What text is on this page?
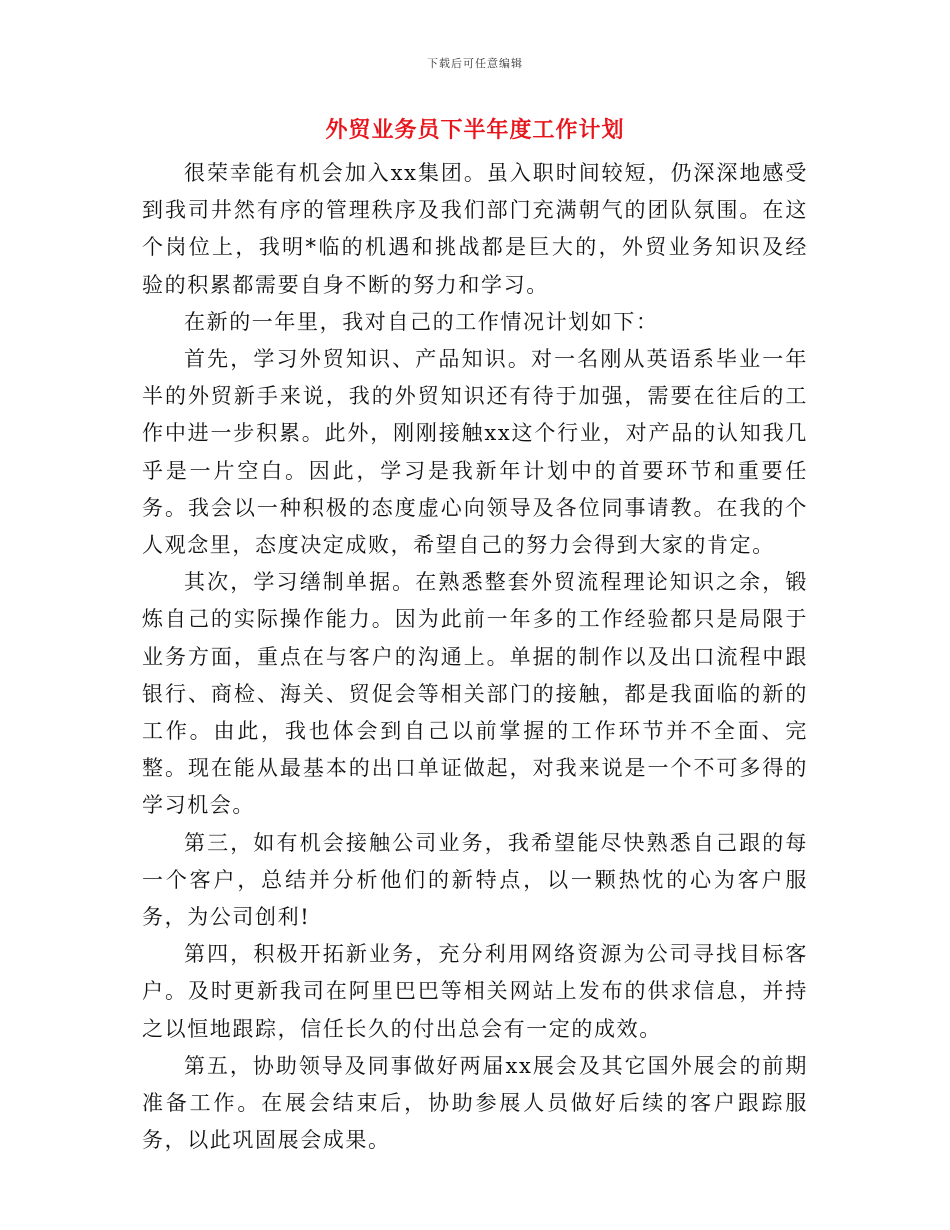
下载后可任意编辑
外贸业务员下半年度工作计划

很荣幸能有机会加入xx集团。虽入职时间较短，仍深深地感受到我司井然有序的管理秩序及我们部门充满朝气的团队氛围。在这个岗位上，我明*临的机遇和挑战都是巨大的，外贸业务知识及经验的积累都需要自身不断的努力和学习。

在新的一年里，我对自己的工作情况计划如下：

首先，学习外贸知识、产品知识。对一名刚从英语系毕业一年半的外贸新手来说，我的外贸知识还有待于加强，需要在往后的工作中进一步积累。此外，刚刚接触xx这个行业，对产品的认知我几乎是一片空白。因此，学习是我新年计划中的首要环节和重要任务。我会以一种积极的态度虚心向领导及各位同事请教。在我的个人观念里，态度决定成败，希望自己的努力会得到大家的肯定。

其次，学习缮制单据。在熟悉整套外贸流程理论知识之余，锻炼自己的实际操作能力。因为此前一年多的工作经验都只是局限于业务方面，重点在与客户的沟通上。单据的制作以及出口流程中跟银行、商检、海关、贸促会等相关部门的接触，都是我面临的新的工作。由此，我也体会到自己以前掌握的工作环节并不全面、完整。现在能从最基本的出口单证做起，对我来说是一个不可多得的学习机会。

第三，如有机会接触公司业务，我希望能尽快熟悉自己跟的每一个客户，总结并分析他们的新特点，以一颗热忱的心为客户服务，为公司创利!

第四，积极开拓新业务，充分利用网络资源为公司寻找目标客户。及时更新我司在阿里巴巴等相关网站上发布的供求信息，并持之以恒地跟踪，信任长久的付出总会有一定的成效。

第五，协助领导及同事做好两届xx展会及其它国外展会的前期准备工作。在展会结束后，协助参展人员做好后续的客户跟踪服务，以此巩固展会成果。
